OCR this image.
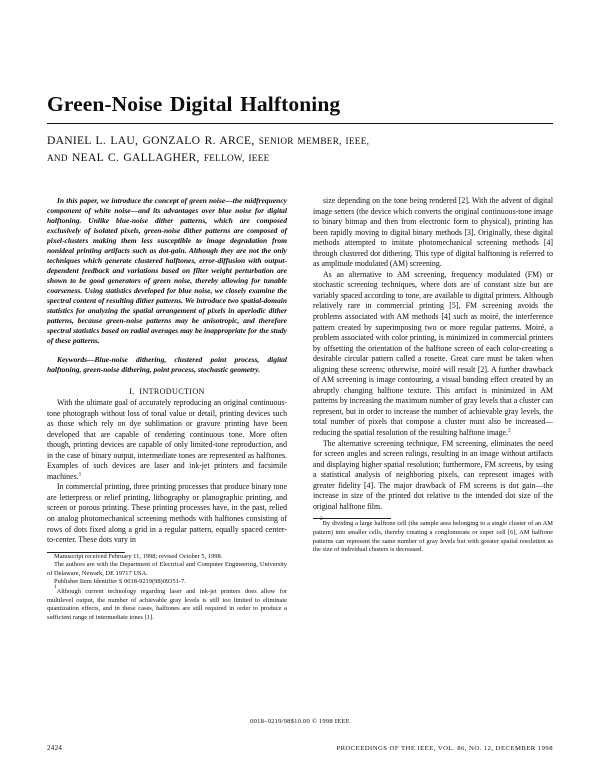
Green-Noise Digital Halftoning
DANIEL L. LAU, GONZALO R. ARCE, SENIOR MEMBER, IEEE,
AND NEAL C. GALLAGHER, FELLOW, IEEE

In this paper, we introduce the concept of green noise—the midfrequency component of white noise—and its advantages over blue noise for digital halftoning. Unlike blue-noise dither patterns, which are composed exclusively of isolated pixels, green-noise dither patterns are composed of pixel-clusters making them less susceptible to image degradation from nonideal printing artifacts such as dot-gain. Although they are not the only techniques which generate clustered halftones, error-diffusion with output-dependent feedback and variations based on filter weight perturbation are shown to be good generators of green noise, thereby allowing for tunable coarseness. Using statistics developed for blue noise, we closely examine the spectral content of resulting dither patterns. We introduce two spatial-domain statistics for analyzing the spatial arrangement of pixels in aperiodic dither patterns, because green-noise patterns may be anisotropic, and therefore spectral statistics based on radial averages may be inappropriate for the study of these patterns.

Keywords—Blue-noise dithering, clustered point process, digital halftoning, green-noise dithering, point process, stochastic geometry.

I. INTRODUCTION

With the ultimate goal of accurately reproducing an original continuous-tone photograph without loss of tonal value or detail, printing devices such as those which rely on dye sublimation or gravure printing have been developed that are capable of rendering continuous tone. More often though, printing devices are capable of only limited-tone reproduction, and in the case of binary output, intermediate tones are represented as halftones. Examples of such devices are laser and ink-jet printers and facsimile machines.$^1$

In commercial printing, three printing processes that produce binary tone are letterpress or relief printing, lithography or planographic printing, and screen or porous printing. These printing processes have, in the past, relied on analog photomechanical screening methods with halftones consisting of rows of dots fixed along a grid in a regular pattern, equally spaced center-to-center. These dots vary in

Manuscript received February 11, 1998; revised October 5, 1998.

The authors are with the Department of Electrical and Computer Engineering, University of Delaware, Newark, DE 19717 USA.

Publisher Item Identifier S 0018-9219(98)09351-7.

$^1$Although current technology regarding laser and ink-jet printers does allow for multilevel output, the number of achievable gray levels is still too limited to eliminate quantization effects, and in these cases, halftones are still required in order to produce a sufficient range of intermediate tones [1].

size depending on the tone being rendered [2]. With the advent of digital image setters (the device which converts the original continuous-tone image to binary bitmap and then from electronic form to physical), printing has been rapidly moving to digital binary methods [3]. Originally, these digital methods attempted to imitate photomechanical screening methods [4] through clustered dot dithering. This type of digital halftoning is referred to as amplitude modulated (AM) screening.

As an alternative to AM screening, frequency modulated (FM) or stochastic screening techniques, where dots are of constant size but are variably spaced according to tone, are available to digital printers. Although relatively rare in commercial printing [5], FM screening avoids the problems associated with AM methods [4] such as moiré, the interference pattern created by superimposing two or more regular patterns. Moiré, a problem associated with color printing, is minimized in commercial printers by offsetting the orientation of the halftone screen of each color-creating a desirable circular pattern called a rosette. Great care must be taken when aligning these screens; otherwise, moiré will result [2]. A further drawback of AM screening is image contouring, a visual banding effect created by an abruptly changing halftone texture. This artifact is minimized in AM patterns by increasing the maximum number of gray levels that a cluster can represent, but in order to increase the number of achievable gray levels, the total number of pixels that compose a cluster must also be increased—reducing the spatial resolution of the resulting halftone image.$^2$

The alternative screening technique, FM screening, eliminates the need for screen angles and screen rulings, resulting in an image without artifacts and displaying higher spatial resolution; furthermore, FM screens, by using a statistical analysis of neighboring pixels, can represent images with greater fidelity [4]. The major drawback of FM screens is dot gain—the increase in size of the printed dot relative to the intended dot size of the original halftone film.

$^2$By dividing a large halftone cell (the sample area belonging to a single cluster of an AM pattern) into smaller cells, thereby creating a conglomerate or super cell [6], AM halftone patterns can represent the same number of gray levels but with greater spatial resolution as the size of individual clusters is decreased.

0018–9219/98$10.00 © 1998 IEEE
2424	PROCEEDINGS OF THE IEEE, VOL. 86, NO. 12, DECEMBER 1998
